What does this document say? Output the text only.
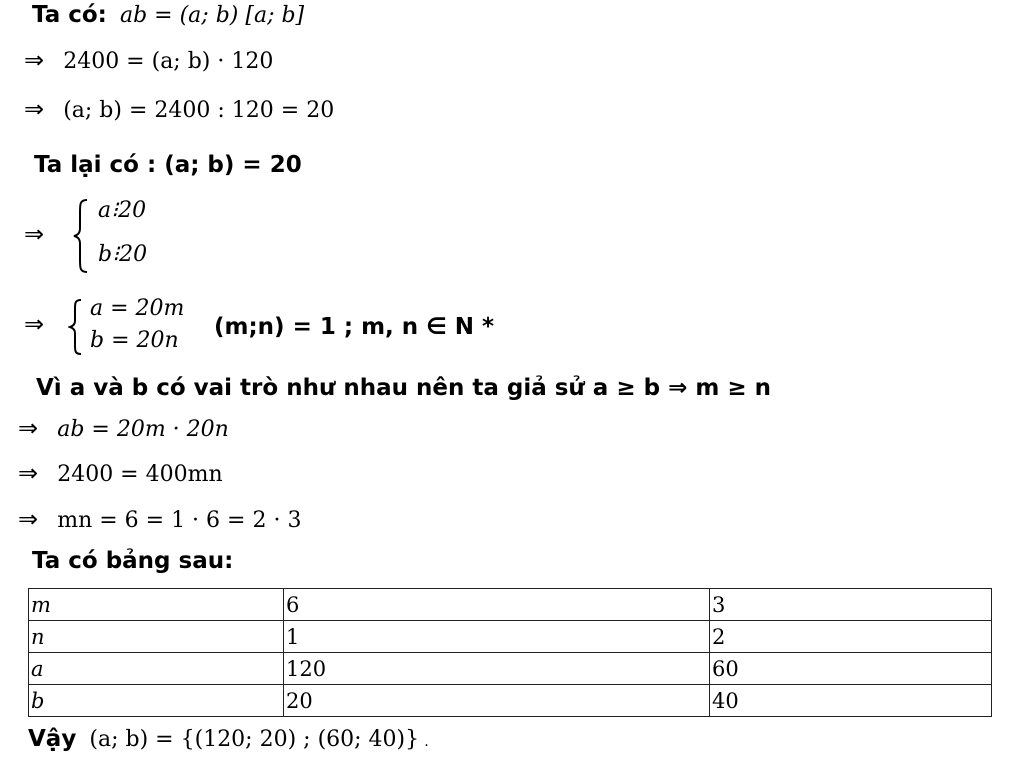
Ta có: ab = (a; b) [a; b]
⇒ 2400 = (a; b) · 120
⇒ (a; b) = 2400 : 120 = 20
Ta lại có : (a; b) = 20
⇒
a⁝20
b⁝20
⇒
a = 20m
b = 20n
(m;n) = 1 ; m, n ∈ N *
Vì a và b có vai trò như nhau nên ta giả sử a ≥ b ⇒ m ≥ n
⇒ ab = 20m · 20n
⇒ 2400 = 400mn
⇒ mn = 6 = 1 · 6 = 2 · 3
Ta có bảng sau:
m	6	3
n	1	2
a	120	60
b	20	40
Vậy (a; b) = {(120; 20) ; (60; 40)} .
